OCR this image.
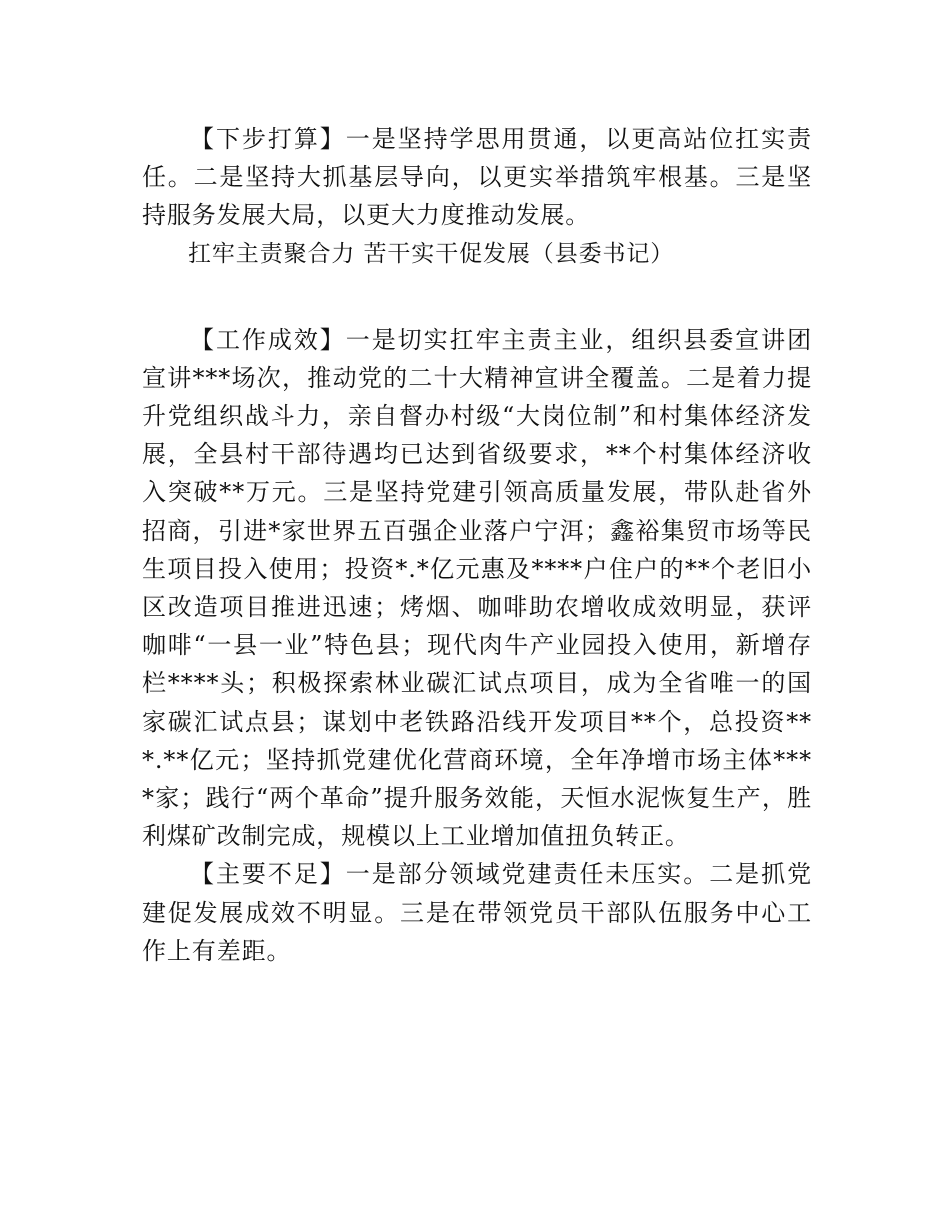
【下步打算】一是坚持学思用贯通，以更高站位扛实责任。二是坚持大抓基层导向，以更实举措筑牢根基。三是坚持服务发展大局，以更大力度推动发展。

扛牢主责聚合力 苦干实干促发展（县委书记）

【工作成效】一是切实扛牢主责主业，组织县委宣讲团宣讲***场次，推动党的二十大精神宣讲全覆盖。二是着力提升党组织战斗力，亲自督办村级“大岗位制”和村集体经济发展，全县村干部待遇均已达到省级要求，**个村集体经济收入突破**万元。三是坚持党建引领高质量发展，带队赴省外招商，引进*家世界五百强企业落户宁洱；鑫裕集贸市场等民生项目投入使用；投资*.*亿元惠及****户住户的**个老旧小区改造项目推进迅速；烤烟、咖啡助农增收成效明显，获评咖啡“一县一业”特色县；现代肉牛产业园投入使用，新增存栏****头；积极探索林业碳汇试点项目，成为全省唯一的国家碳汇试点县；谋划中老铁路沿线开发项目**个，总投资***.**亿元；坚持抓党建优化营商环境，全年净增市场主体****家；践行“两个革命”提升服务效能，天恒水泥恢复生产，胜利煤矿改制完成，规模以上工业增加值扭负转正。

【主要不足】一是部分领域党建责任未压实。二是抓党建促发展成效不明显。三是在带领党员干部队伍服务中心工作上有差距。
